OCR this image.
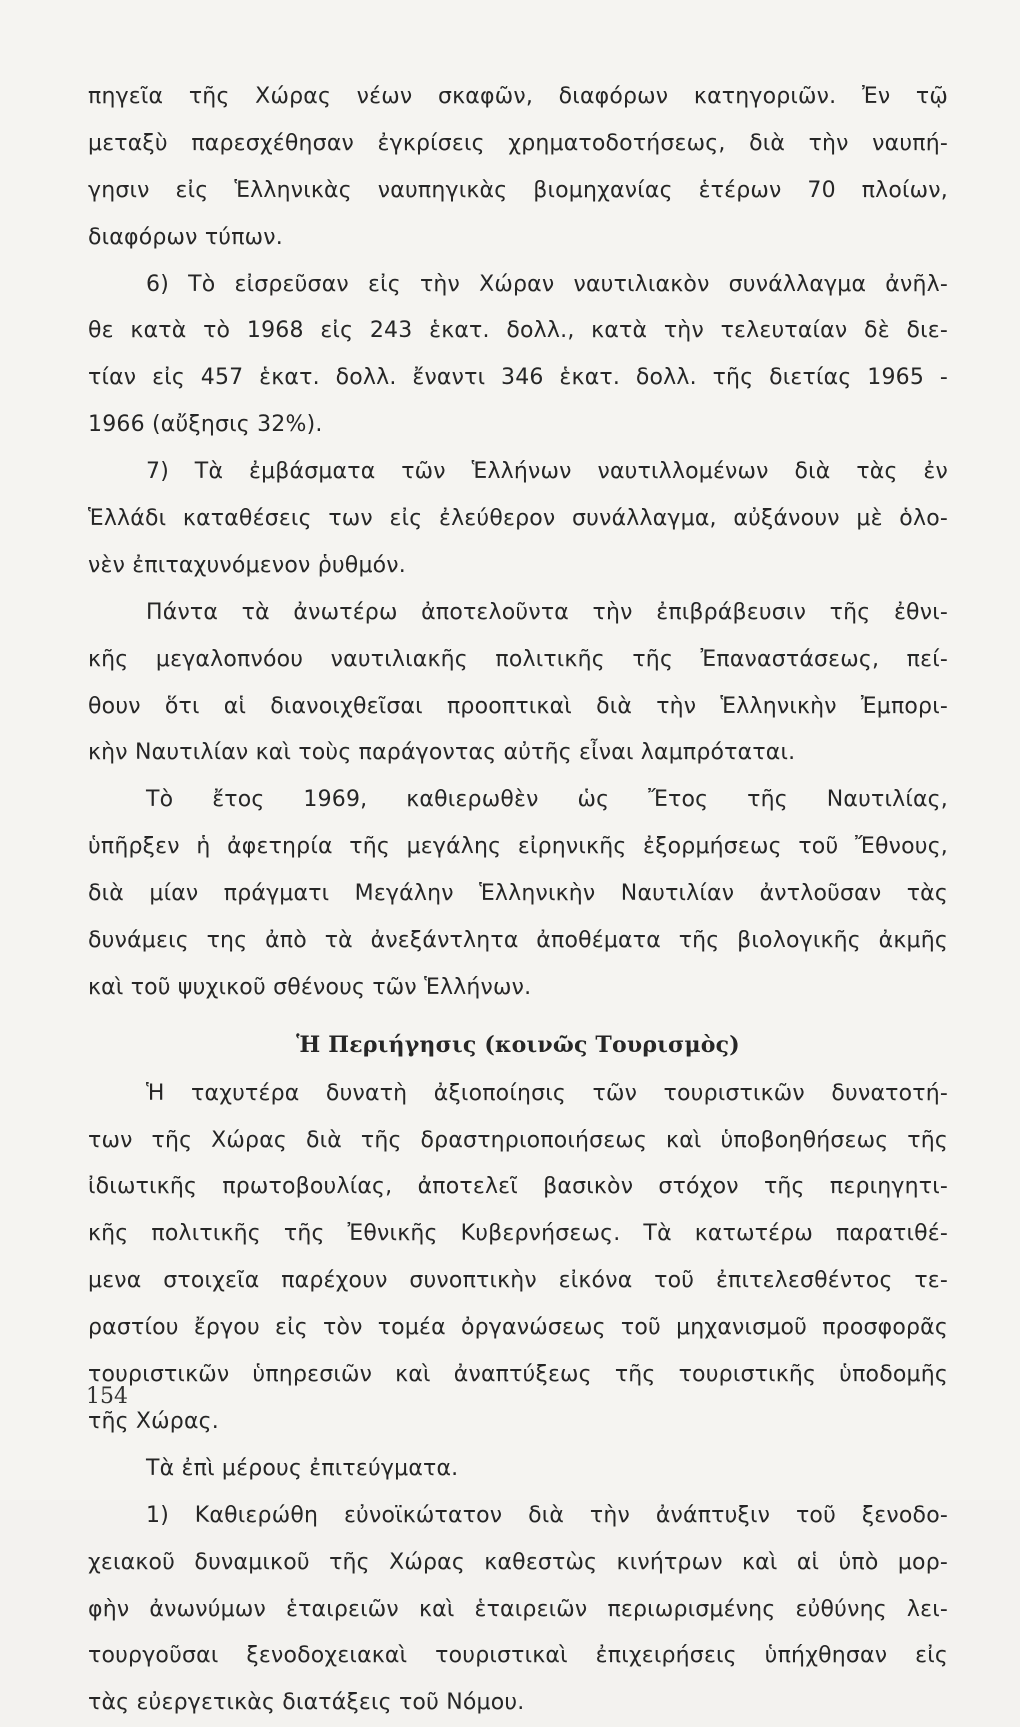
πηγεῖα τῆς Χώρας νέων σκαφῶν, διαφόρων κατηγοριῶν. Ἐν τῷ
μεταξὺ παρεσχέθησαν ἐγκρίσεις χρηματοδοτήσεως, διὰ τὴν ναυπή-
γησιν εἰς Ἑλληνικὰς ναυπηγικὰς βιομηχανίας ἑτέρων 70 πλοίων,
διαφόρων τύπων.
6) Τὸ εἰσρεῦσαν εἰς τὴν Χώραν ναυτιλιακὸν συνάλλαγμα ἀνῆλ-
θε κατὰ τὸ 1968 εἰς 243 ἑκατ. δολλ., κατὰ τὴν τελευταίαν δὲ διε-
τίαν εἰς 457 ἑκατ. δολλ. ἔναντι 346 ἑκατ. δολλ. τῆς διετίας 1965 -
1966 (αὔξησις 32%).
7) Τὰ ἐμβάσματα τῶν Ἑλλήνων ναυτιλλομένων διὰ τὰς ἐν
Ἑλλάδι καταθέσεις των εἰς ἐλεύθερον συνάλλαγμα, αὐξάνουν μὲ ὁλο-
νὲν ἐπιταχυνόμενον ῥυθμόν.
Πάντα τὰ ἀνωτέρω ἀποτελοῦντα τὴν ἐπιβράβευσιν τῆς ἐθνι-
κῆς μεγαλοπνόου ναυτιλιακῆς πολιτικῆς τῆς Ἐπαναστάσεως, πεί-
θουν ὅτι αἱ διανοιχθεῖσαι προοπτικαὶ διὰ τὴν Ἑλληνικὴν Ἐμπορι-
κὴν Ναυτιλίαν καὶ τοὺς παράγοντας αὐτῆς εἶναι λαμπρόταται.
Τὸ ἔτος 1969, καθιερωθὲν ὡς Ἔτος τῆς Ναυτιλίας,
ὑπῆρξεν ἡ ἀφετηρία τῆς μεγάλης εἰρηνικῆς ἐξορμήσεως τοῦ Ἔθνους,
διὰ μίαν πράγματι Μεγάλην Ἑλληνικὴν Ναυτιλίαν ἀντλοῦσαν τὰς
δυνάμεις της ἀπὸ τὰ ἀνεξάντλητα ἀποθέματα τῆς βιολογικῆς ἀκμῆς
καὶ τοῦ ψυχικοῦ σθένους τῶν Ἑλλήνων.
Ἡ Περιήγησις (κοινῶς Τουρισμὸς)
Ἡ ταχυτέρα δυνατὴ ἀξιοποίησις τῶν τουριστικῶν δυνατοτή-
των τῆς Χώρας διὰ τῆς δραστηριοποιήσεως καὶ ὑποβοηθήσεως τῆς
ἰδιωτικῆς πρωτοβουλίας, ἀποτελεῖ βασικὸν στόχον τῆς περιηγητι-
κῆς πολιτικῆς τῆς Ἐθνικῆς Κυβερνήσεως. Τὰ κατωτέρω παρατιθέ-
μενα στοιχεῖα παρέχουν συνοπτικὴν εἰκόνα τοῦ ἐπιτελεσθέντος τε-
ραστίου ἔργου εἰς τὸν τομέα ὀργανώσεως τοῦ μηχανισμοῦ προσφορᾶς
τουριστικῶν ὑπηρεσιῶν καὶ ἀναπτύξεως τῆς τουριστικῆς ὑποδομῆς
τῆς Χώρας.
Τὰ ἐπὶ μέρους ἐπιτεύγματα.
1) Καθιερώθη εὐνοϊκώτατον διὰ τὴν ἀνάπτυξιν τοῦ ξενοδο-
χειακοῦ δυναμικοῦ τῆς Χώρας καθεστὼς κινήτρων καὶ αἱ ὑπὸ μορ-
φὴν ἀνωνύμων ἑταιρειῶν καὶ ἑταιρειῶν περιωρισμένης εὐθύνης λει-
τουργοῦσαι ξενοδοχειακαὶ τουριστικαὶ ἐπιχειρήσεις ὑπήχθησαν εἰς
τὰς εὐεργετικὰς διατάξεις τοῦ Νόμου.
154
